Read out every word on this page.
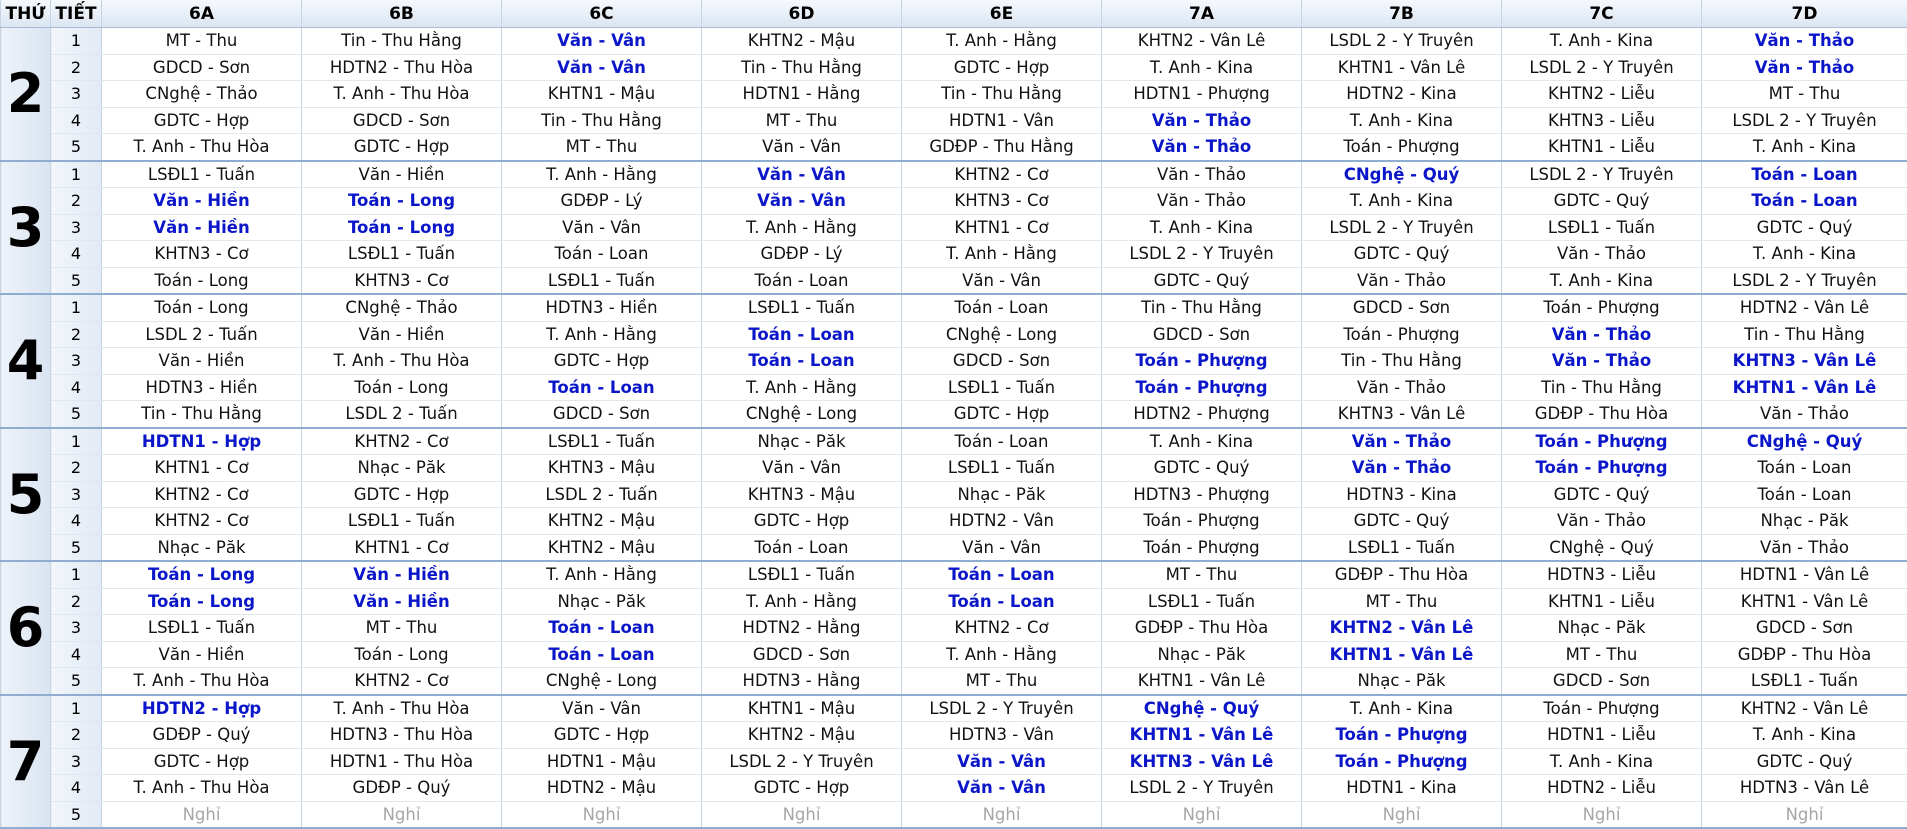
THỨ	TIẾT	6A	6B	6C	6D	6E	7A	7B	7C	7D
2	1	MT - Thu	Tin - Thu Hằng	Văn - Vân	KHTN2 - Mậu	T. Anh - Hằng	KHTN2 - Vân Lê	LSDL 2 - Y Truyên	T. Anh - Kina	Văn - Thảo
	2	GDCD - Sơn	HDTN2 - Thu Hòa	Văn - Vân	Tin - Thu Hằng	GDTC - Hợp	T. Anh - Kina	KHTN1 - Vân Lê	LSDL 2 - Y Truyên	Văn - Thảo
	3	CNghệ - Thảo	T. Anh - Thu Hòa	KHTN1 - Mậu	HDTN1 - Hằng	Tin - Thu Hằng	HDTN1 - Phượng	HDTN2 - Kina	KHTN2 - Liễu	MT - Thu
	4	GDTC - Hợp	GDCD - Sơn	Tin - Thu Hằng	MT - Thu	HDTN1 - Vân	Văn - Thảo	T. Anh - Kina	KHTN3 - Liễu	LSDL 2 - Y Truyên
	5	T. Anh - Thu Hòa	GDTC - Hợp	MT - Thu	Văn - Vân	GDĐP - Thu Hằng	Văn - Thảo	Toán - Phượng	KHTN1 - Liễu	T. Anh - Kina
3	1	LSĐL1 - Tuấn	Văn - Hiền	T. Anh - Hằng	Văn - Vân	KHTN2 - Cơ	Văn - Thảo	CNghệ - Quý	LSDL 2 - Y Truyên	Toán - Loan
	2	Văn - Hiền	Toán - Long	GDĐP - Lý	Văn - Vân	KHTN3 - Cơ	Văn - Thảo	T. Anh - Kina	GDTC - Quý	Toán - Loan
	3	Văn - Hiền	Toán - Long	Văn - Vân	T. Anh - Hằng	KHTN1 - Cơ	T. Anh - Kina	LSDL 2 - Y Truyên	LSĐL1 - Tuấn	GDTC - Quý
	4	KHTN3 - Cơ	LSĐL1 - Tuấn	Toán - Loan	GDĐP - Lý	T. Anh - Hằng	LSDL 2 - Y Truyên	GDTC - Quý	Văn - Thảo	T. Anh - Kina
	5	Toán - Long	KHTN3 - Cơ	LSĐL1 - Tuấn	Toán - Loan	Văn - Vân	GDTC - Quý	Văn - Thảo	T. Anh - Kina	LSDL 2 - Y Truyên
4	1	Toán - Long	CNghệ - Thảo	HDTN3 - Hiền	LSĐL1 - Tuấn	Toán - Loan	Tin - Thu Hằng	GDCD - Sơn	Toán - Phượng	HDTN2 - Vân Lê
	2	LSDL 2 - Tuấn	Văn - Hiền	T. Anh - Hằng	Toán - Loan	CNghệ - Long	GDCD - Sơn	Toán - Phượng	Văn - Thảo	Tin - Thu Hằng
	3	Văn - Hiền	T. Anh - Thu Hòa	GDTC - Hợp	Toán - Loan	GDCD - Sơn	Toán - Phượng	Tin - Thu Hằng	Văn - Thảo	KHTN3 - Vân Lê
	4	HDTN3 - Hiền	Toán - Long	Toán - Loan	T. Anh - Hằng	LSĐL1 - Tuấn	Toán - Phượng	Văn - Thảo	Tin - Thu Hằng	KHTN1 - Vân Lê
	5	Tin - Thu Hằng	LSDL 2 - Tuấn	GDCD - Sơn	CNghệ - Long	GDTC - Hợp	HDTN2 - Phượng	KHTN3 - Vân Lê	GDĐP - Thu Hòa	Văn - Thảo
5	1	HDTN1 - Hợp	KHTN2 - Cơ	LSĐL1 - Tuấn	Nhạc - Păk	Toán - Loan	T. Anh - Kina	Văn - Thảo	Toán - Phượng	CNghệ - Quý
	2	KHTN1 - Cơ	Nhạc - Păk	KHTN3 - Mậu	Văn - Vân	LSĐL1 - Tuấn	GDTC - Quý	Văn - Thảo	Toán - Phượng	Toán - Loan
	3	KHTN2 - Cơ	GDTC - Hợp	LSDL 2 - Tuấn	KHTN3 - Mậu	Nhạc - Păk	HDTN3 - Phượng	HDTN3 - Kina	GDTC - Quý	Toán - Loan
	4	KHTN2 - Cơ	LSĐL1 - Tuấn	KHTN2 - Mậu	GDTC - Hợp	HDTN2 - Vân	Toán - Phượng	GDTC - Quý	Văn - Thảo	Nhạc - Păk
	5	Nhạc - Păk	KHTN1 - Cơ	KHTN2 - Mậu	Toán - Loan	Văn - Vân	Toán - Phượng	LSĐL1 - Tuấn	CNghệ - Quý	Văn - Thảo
6	1	Toán - Long	Văn - Hiền	T. Anh - Hằng	LSĐL1 - Tuấn	Toán - Loan	MT - Thu	GDĐP - Thu Hòa	HDTN3 - Liễu	HDTN1 - Vân Lê
	2	Toán - Long	Văn - Hiền	Nhạc - Păk	T. Anh - Hằng	Toán - Loan	LSĐL1 - Tuấn	MT - Thu	KHTN1 - Liễu	KHTN1 - Vân Lê
	3	LSĐL1 - Tuấn	MT - Thu	Toán - Loan	HDTN2 - Hằng	KHTN2 - Cơ	GDĐP - Thu Hòa	KHTN2 - Vân Lê	Nhạc - Păk	GDCD - Sơn
	4	Văn - Hiền	Toán - Long	Toán - Loan	GDCD - Sơn	T. Anh - Hằng	Nhạc - Păk	KHTN1 - Vân Lê	MT - Thu	GDĐP - Thu Hòa
	5	T. Anh - Thu Hòa	KHTN2 - Cơ	CNghệ - Long	HDTN3 - Hằng	MT - Thu	KHTN1 - Vân Lê	Nhạc - Păk	GDCD - Sơn	LSĐL1 - Tuấn
7	1	HDTN2 - Hợp	T. Anh - Thu Hòa	Văn - Vân	KHTN1 - Mậu	LSDL 2 - Y Truyên	CNghệ - Quý	T. Anh - Kina	Toán - Phượng	KHTN2 - Vân Lê
	2	GDĐP - Quý	HDTN3 - Thu Hòa	GDTC - Hợp	KHTN2 - Mậu	HDTN3 - Vân	KHTN1 - Vân Lê	Toán - Phượng	HDTN1 - Liễu	T. Anh - Kina
	3	GDTC - Hợp	HDTN1 - Thu Hòa	HDTN1 - Mậu	LSDL 2 - Y Truyên	Văn - Vân	KHTN3 - Vân Lê	Toán - Phượng	T. Anh - Kina	GDTC - Quý
	4	T. Anh - Thu Hòa	GDĐP - Quý	HDTN2 - Mậu	GDTC - Hợp	Văn - Vân	LSDL 2 - Y Truyên	HDTN1 - Kina	HDTN2 - Liễu	HDTN3 - Vân Lê
	5	Nghỉ	Nghỉ	Nghỉ	Nghỉ	Nghỉ	Nghỉ	Nghỉ	Nghỉ	Nghỉ
